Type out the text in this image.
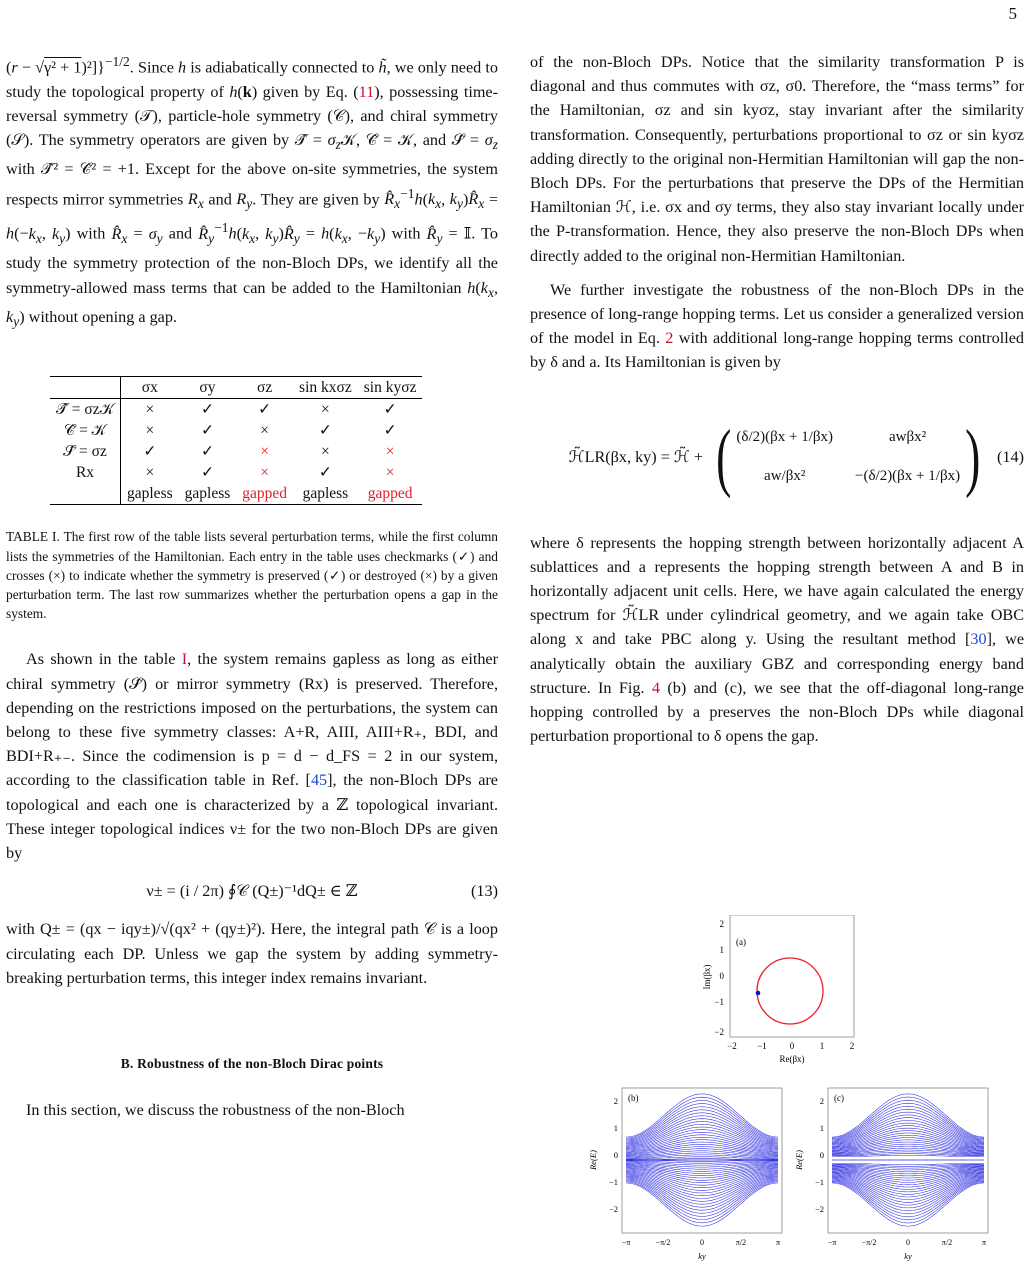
5

(r − √γ² + 1)²]}$^{-1/2}$. Since h is adiabatically connected to h̃, we only need to study the topological property of h(k) given by Eq. (11), possessing time-reversal symmetry (𝒯), particle-hole symmetry (𝒞), and chiral symmetry (𝒮). The symmetry operators are given by 𝒯̂ = $\sigma_z𝒦$, 𝒞̂ = 𝒦, and 𝒮̂ = $\sigma_z$ with 𝒯̂² = 𝒞̂² = +1. Except for the above on-site symmetries, the system respects mirror symmetries $R_x$ and $R_y$. They are given by $R̂_x^{-1}h(k_x$, $k_y)R̂_x = h(-k_x$, $k_y$) with $R̂_x = \sigma_y$ and $R̂_y^{-1}h(k_x$, $k_y)R̂_y = h(k_x$, $-k_y$) with $R̂_y$ = 𝕀. To study the symmetry protection of the non-Bloch DPs, we identify all the symmetry-allowed mass terms that can be added to the Hamiltonian $h(k_x$, $k_y$) without opening a gap.

	σx	σy	σz	sin kxσz	sin kyσz
𝒯̂ = σz𝒦	×	✓	✓	×	✓
𝒞̂ = 𝒦	×	✓	×	✓	✓
𝒮̂ = σz	✓	✓	×	×	×
Rx	×	✓	×	✓	×
	gapless	gapless	gapped	gapless	gapped

TABLE I. The first row of the table lists several perturbation terms, while the first column lists the symmetries of the Hamiltonian. Each entry in the table uses checkmarks (✓) and crosses (×) to indicate whether the symmetry is preserved (✓) or destroyed (×) by a given perturbation term. The last row summarizes whether the perturbation opens a gap in the system.

As shown in the table I, the system remains gapless as long as either chiral symmetry (𝒮̂) or mirror symmetry (Rx) is preserved. Therefore, depending on the restrictions imposed on the perturbations, the system can belong to these five symmetry classes: A+R, AIII, AIII+R₊, BDI, and BDI+R₊₋. Since the codimension is p = d − d_FS = 2 in our system, according to the classification table in Ref. [45], the non-Bloch DPs are topological and each one is characterized by a ℤ topological invariant. These integer topological indices ν± for the two non-Bloch DPs are given by

ν± = (i / 2π) ∮𝒞 (Q±)⁻¹dQ± ∈ ℤ	(13)

with Q± = (qx − iqy±)/√(qx² + (qy±)²). Here, the integral path 𝒞 is a loop circulating each DP. Unless we gap the system by adding symmetry-breaking perturbation terms, this integer index remains invariant.

B. Robustness of the non-Bloch Dirac points

In this section, we discuss the robustness of the non-Bloch

of the non-Bloch DPs. Notice that the similarity transformation P is diagonal and thus commutes with σz, σ0. Therefore, the “mass terms” for the Hamiltonian, σz and sin kyσz, stay invariant after the similarity transformation. Consequently, perturbations proportional to σz or sin kyσz adding directly to the original non-Hermitian Hamiltonian will gap the non-Bloch DPs. For the perturbations that preserve the DPs of the Hermitian Hamiltonian ℋ, i.e. σx and σy terms, they also stay invariant locally under the P-transformation. Hence, they also preserve the non-Bloch DPs when directly added to the original non-Hermitian Hamiltonian.

We further investigate the robustness of the non-Bloch DPs in the presence of long-range hopping terms. Let us consider a generalized version of the model in Eq. 2 with additional long-range hopping terms controlled by δ and a. Its Hamiltonian is given by

ℋ̃LR(βx, ky) = ℋ̃ + ( (δ/2)(βx + 1/βx)	awβx²
aw/βx²	−(δ/2)(βx + 1/βx) ) (14)

where δ represents the hopping strength between horizontally adjacent A sublattices and a represents the hopping strength between A and B in horizontally adjacent unit cells. Here, we have again calculated the energy spectrum for ℋ̃LR under cylindrical geometry, and we again take OBC along x and take PBC along y. Using the resultant method [30], we analytically obtain the auxiliary GBZ and corresponding energy band structure. In Fig. 4 (b) and (c), we see that the off-diagonal long-range hopping controlled by a preserves the non-Bloch DPs while diagonal perturbation proportional to δ opens the gap.

(a)
2
1
0
−1
−2
−2 −1	0	1	2
Re(βx)
Im(βx)
(b)
2
1
0
−1
−2
−π	−π/2	0	π/2	π
ky
Re(E)
(c)
2
1
0
−1
−2
−π	−π/2	0	π/2	π
ky
Re(E)
